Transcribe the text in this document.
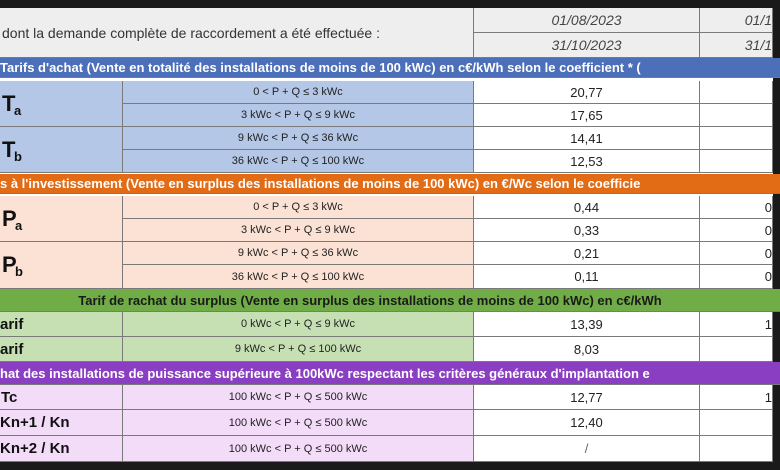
dont la demande complète de raccordement a été effectuée :
01/08/2023
31/10/2023
01/1
31/1
Tarifs d'achat (Vente en totalité des installations de moins de 100 kWc) en c€/kWh selon le coefficient * (
T
a
T
b
0 < P + Q ≤ 3 kWc
3 kWc < P + Q ≤ 9 kWc
9 kWc < P + Q ≤ 36 kWc
36 kWc < P + Q ≤ 100 kWc
20,77
17,65
14,41
12,53
s à l'investissement (Vente en surplus des installations de moins de 100 kWc) en €/Wc selon le coefficie
P
a
P
b
0 < P + Q ≤ 3 kWc
3 kWc < P + Q ≤ 9 kWc
9 kWc < P + Q ≤ 36 kWc
36 kWc < P + Q ≤ 100 kWc
0,44
0,33
0,21
0,11
0
0
0
0
Tarif de rachat du surplus (Vente en surplus des installations de moins de 100 kWc) en c€/kWh
arif
arif
0 kWc < P + Q ≤ 9 kWc
9 kWc < P + Q ≤ 100 kWc
13,39
8,03
1
hat des installations de puissance supérieure à 100kWc respectant les critères généraux d'implantation e
Tc
Kn+1 / Kn
Kn+2 / Kn
100 kWc < P + Q ≤ 500 kWc
100 kWc < P + Q ≤ 500 kWc
100 kWc < P + Q ≤ 500 kWc
12,77
12,40
/
1
